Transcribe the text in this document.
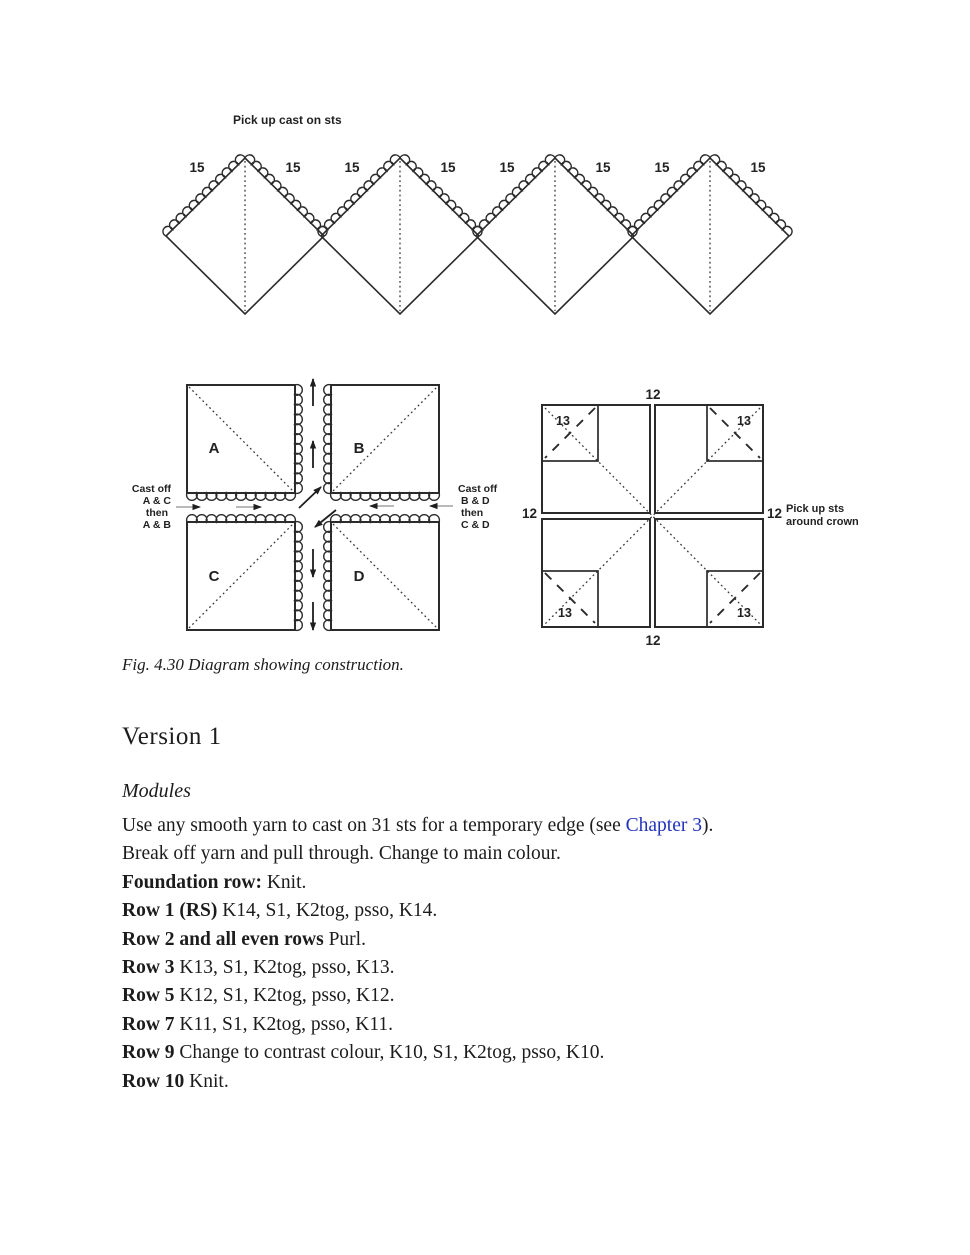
Pick up cast on sts
15	15	15	15	15	15	15	15
A	B
C	D
Cast off
A & C
then
A & B
Cast off
B & D
then
C & D
12
12
12	12
13	13
13	13
Pick up sts
around crown
Fig. 4.30 Diagram showing construction.
Version 1
Modules
Use any smooth yarn to cast on 31 sts for a temporary edge (see Chapter 3).
Break off yarn and pull through. Change to main colour.
Foundation row: Knit.
Row 1 (RS) K14, S1, K2tog, psso, K14.
Row 2 and all even rows Purl.
Row 3 K13, S1, K2tog, psso, K13.
Row 5 K12, S1, K2tog, psso, K12.
Row 7 K11, S1, K2tog, psso, K11.
Row 9 Change to contrast colour, K10, S1, K2tog, psso, K10.
Row 10 Knit.
